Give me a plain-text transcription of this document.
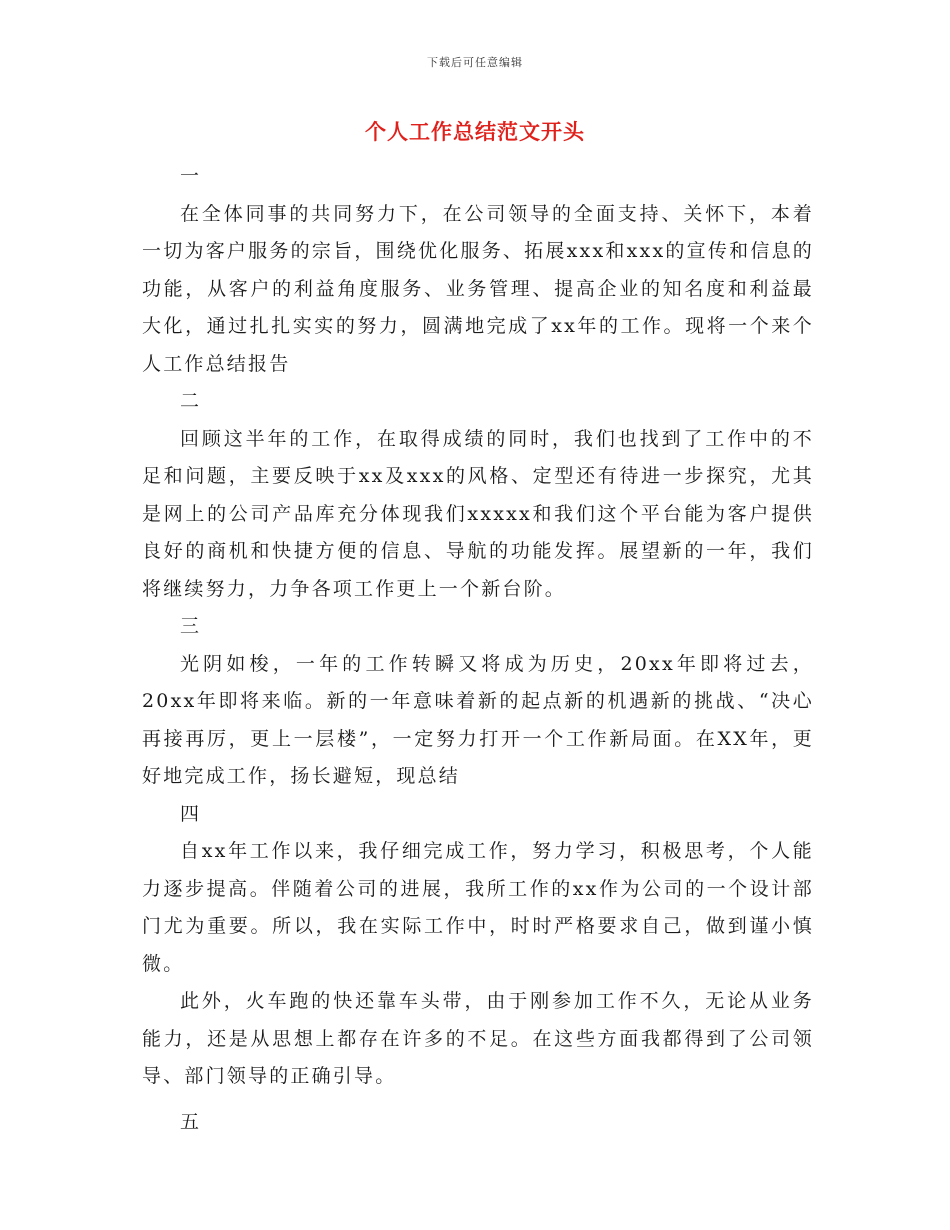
下载后可任意编辑
个人工作总结范文开头

一

在全体同事的共同努力下，在公司领导的全面支持、关怀下，本着一切为客户服务的宗旨，围绕优化服务、拓展xxx和xxx的宣传和信息的功能，从客户的利益角度服务、业务管理、提高企业的知名度和利益最大化，通过扎扎实实的努力，圆满地完成了xx年的工作。现将一个来个人工作总结报告

二

回顾这半年的工作，在取得成绩的同时，我们也找到了工作中的不足和问题，主要反映于xx及xxx的风格、定型还有待进一步探究，尤其是网上的公司产品库充分体现我们xxxxx和我们这个平台能为客户提供良好的商机和快捷方便的信息、导航的功能发挥。展望新的一年，我们将继续努力，力争各项工作更上一个新台阶。

三

光阴如梭，一年的工作转瞬又将成为历史，20xx年即将过去，20xx年即将来临。新的一年意味着新的起点新的机遇新的挑战、“决心再接再厉，更上一层楼”，一定努力打开一个工作新局面。在XX年，更好地完成工作，扬长避短，现总结

四

自xx年工作以来，我仔细完成工作，努力学习，积极思考，个人能力逐步提高。伴随着公司的进展，我所工作的xx作为公司的一个设计部门尤为重要。所以，我在实际工作中，时时严格要求自己，做到谨小慎微。

此外，火车跑的快还靠车头带，由于刚参加工作不久，无论从业务能力，还是从思想上都存在许多的不足。在这些方面我都得到了公司领导、部门领导的正确引导。

五
